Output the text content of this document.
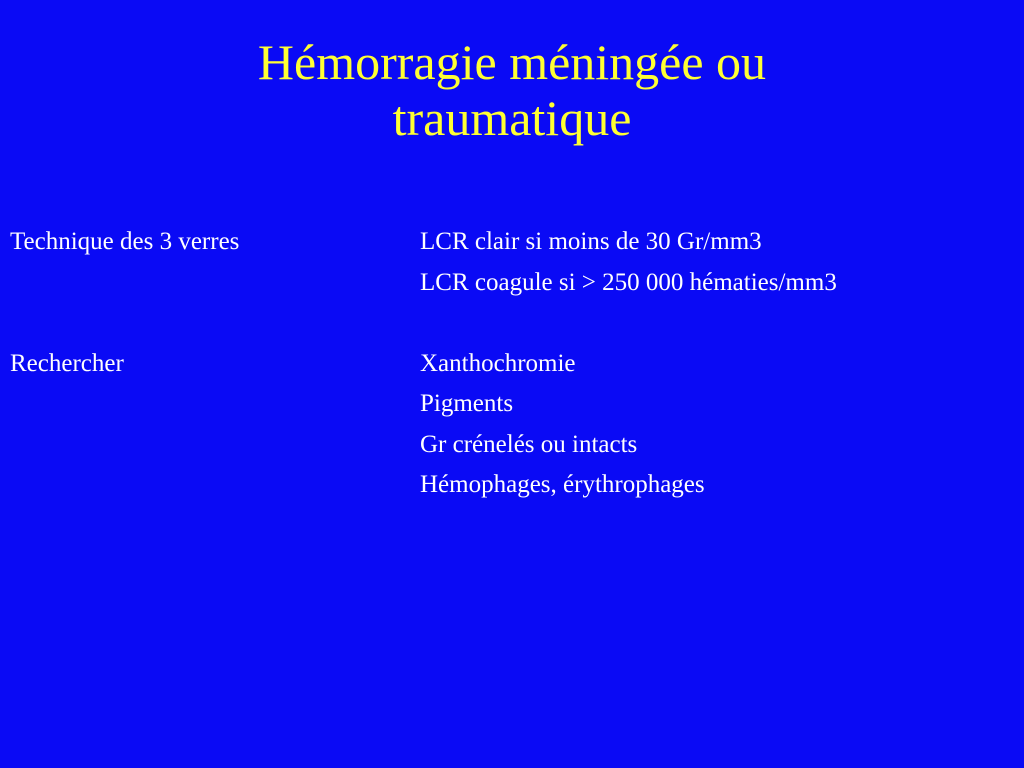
Hémorragie méningée ou
traumatique
Technique des 3 verres	LCR clair si moins de 30 Gr/mm3
LCR coagule si > 250 000 hématies/mm3
Rechercher	Xanthochromie
Pigments
Gr crénelés ou intacts
Hémophages, érythrophages
